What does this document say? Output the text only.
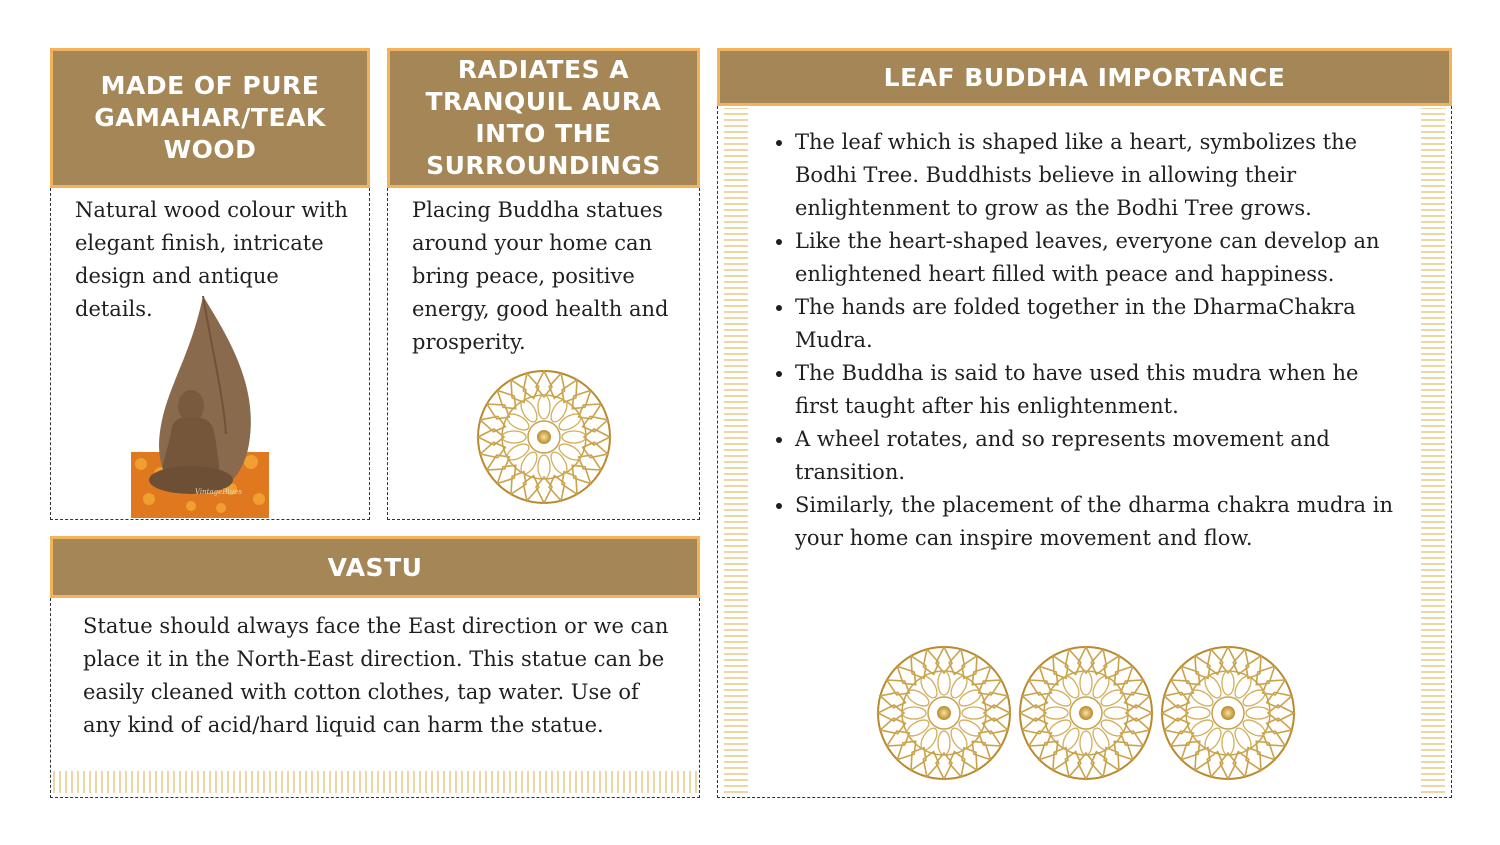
MADE OF PURE GAMAHAR/TEAK WOOD
Natural wood colour with elegant finish, intricate design and antique details.
VintageBlues
RADIATES A TRANQUIL AURA INTO THE SURROUNDINGS
Placing Buddha statues around your home can bring peace, positive energy, good health and prosperity.
VASTU
Statue should always face the East direction or we can place it in the North-East direction. This statue can be easily cleaned with cotton clothes, tap water. Use of any kind of acid/hard liquid can harm the statue.
LEAF BUDDHA IMPORTANCE
• The leaf which is shaped like a heart, symbolizes the Bodhi Tree. Buddhists believe in allowing their enlightenment to grow as the Bodhi Tree grows.
• Like the heart-shaped leaves, everyone can develop an enlightened heart filled with peace and happiness.
• The hands are folded together in the DharmaChakra Mudra.
• The Buddha is said to have used this mudra when he first taught after his enlightenment.
• A wheel rotates, and so represents movement and transition.
• Similarly, the placement of the dharma chakra mudra in your home can inspire movement and flow.
